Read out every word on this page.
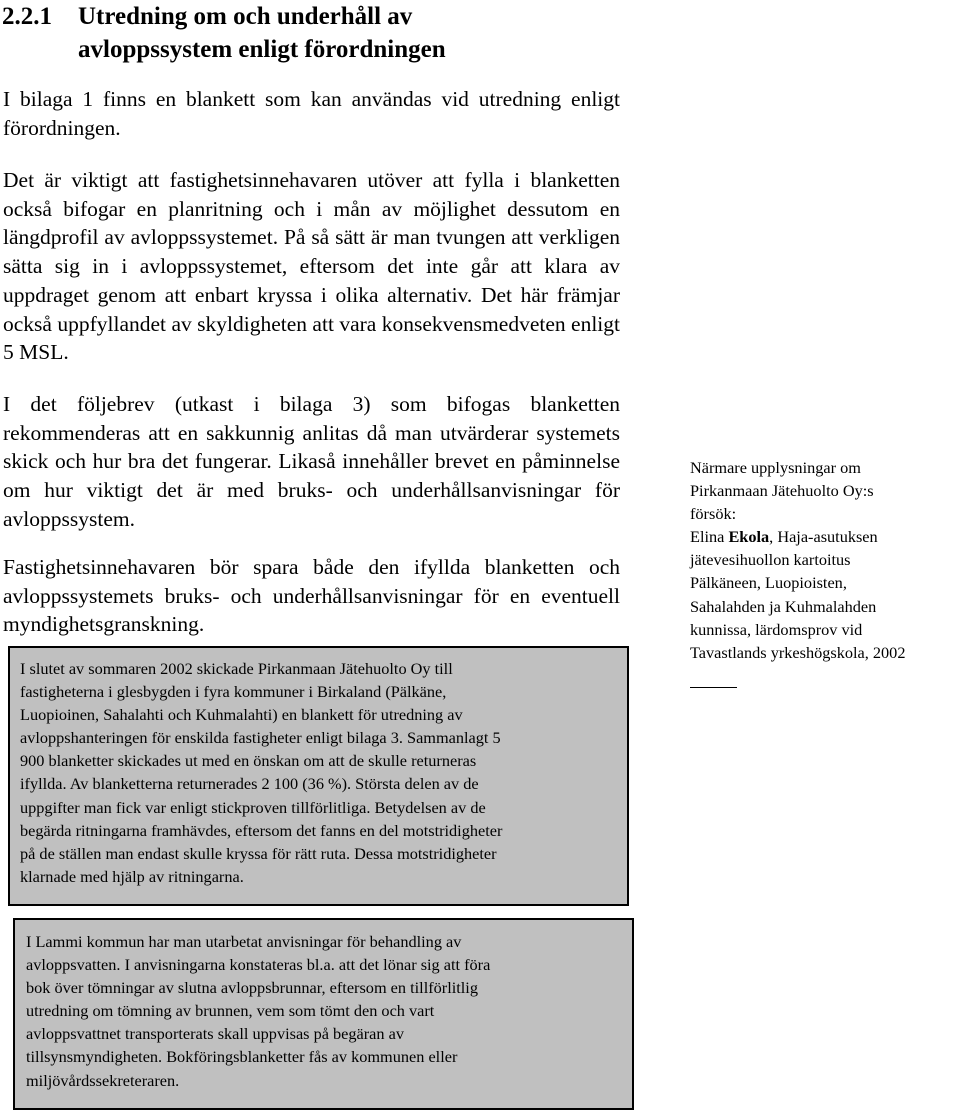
2.2.1 Utredning om och underhåll av
avloppssystem enligt förordningen

I bilaga 1 finns en blankett som kan användas vid utredning enligt förordningen.

Det är viktigt att fastighetsinnehavaren utöver att fylla i blanketten också bifogar en planritning och i mån av möjlighet dessutom en längdprofil av avloppssystemet. På så sätt är man tvungen att verkligen sätta sig in i avloppssystemet, eftersom det inte går att klara av uppdraget genom att enbart kryssa i olika alternativ. Det här främjar också uppfyllandet av skyldigheten att vara konsekvensmedveten enligt 5 MSL.

I det följebrev (utkast i bilaga 3) som bifogas blanketten rekommenderas att en sakkunnig anlitas då man utvärderar systemets skick och hur bra det fungerar. Likaså innehåller brevet en påminnelse om hur viktigt det är med bruks- och underhållsanvisningar för avloppssystem.

Fastighetsinnehavaren bör spara både den ifyllda blanketten och avloppssystemets bruks- och underhållsanvisningar för en eventuell myndighetsgranskning.

I slutet av sommaren 2002 skickade Pirkanmaan Jätehuolto Oy till
fastigheterna i glesbygden i fyra kommuner i Birkaland (Pälkäne,
Luopioinen, Sahalahti och Kuhmalahti) en blankett för utredning av
avloppshanteringen för enskilda fastigheter enligt bilaga 3. Sammanlagt 5
900 blanketter skickades ut med en önskan om att de skulle returneras
ifyllda. Av blanketterna returnerades 2 100 (36 %). Största delen av de
uppgifter man fick var enligt stickproven tillförlitliga. Betydelsen av de
begärda ritningarna framhävdes, eftersom det fanns en del motstridigheter
på de ställen man endast skulle kryssa för rätt ruta. Dessa motstridigheter
klarnade med hjälp av ritningarna.
I Lammi kommun har man utarbetat anvisningar för behandling av
avloppsvatten. I anvisningarna konstateras bl.a. att det lönar sig att föra
bok över tömningar av slutna avloppsbrunnar, eftersom en tillförlitlig
utredning om tömning av brunnen, vem som tömt den och vart
avloppsvattnet transporterats skall uppvisas på begäran av
tillsynsmyndigheten. Bokföringsblanketter fås av kommunen eller
miljövårdssekreteraren.
Närmare upplysningar om
Pirkanmaan Jätehuolto Oy:s
försök:
Elina Ekola, Haja-asutuksen
jätevesihuollon kartoitus
Pälkäneen, Luopioisten,
Sahalahden ja Kuhmalahden
kunnissa, lärdomsprov vid
Tavastlands yrkeshögskola, 2002
